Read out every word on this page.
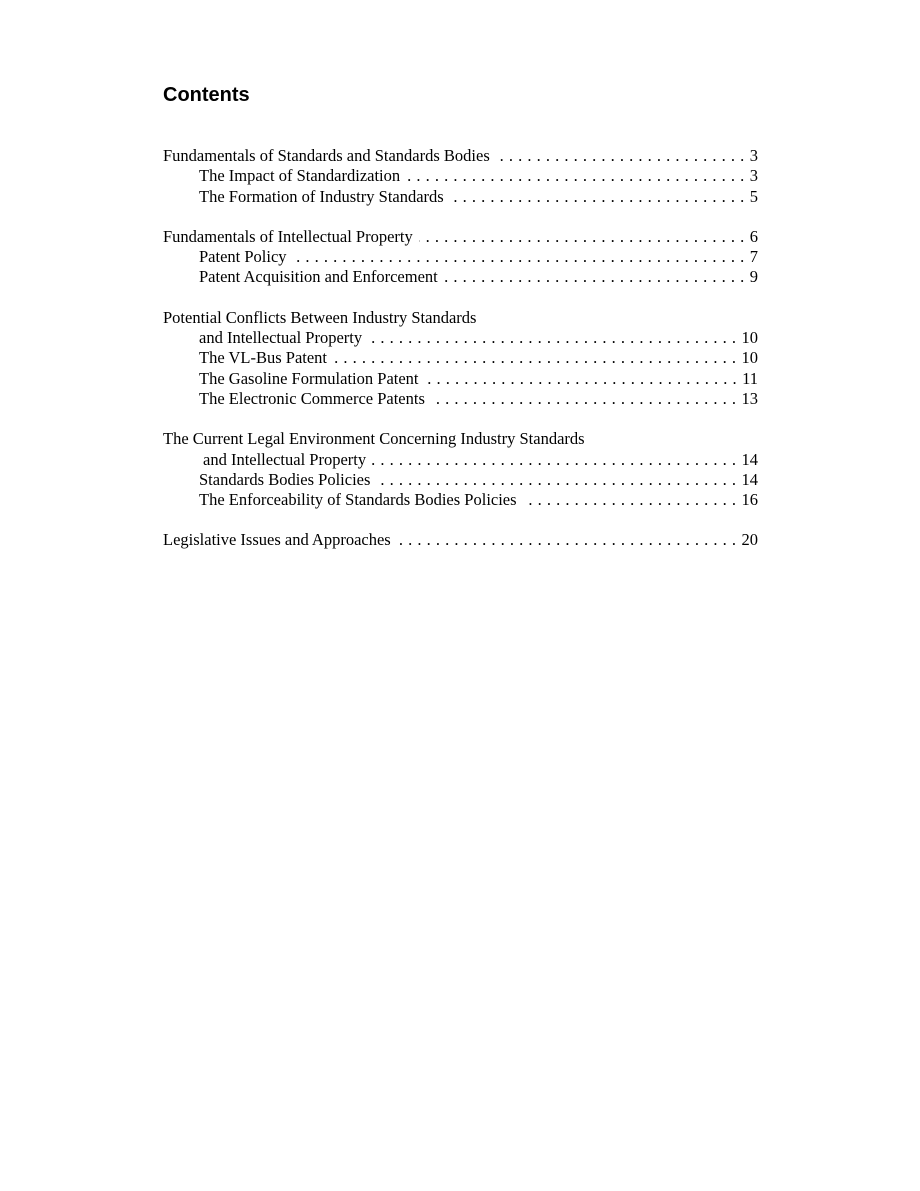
Contents
Fundamentals of Standards and Standards Bodies . . .	3
The Impact of Standardization . . .	3
The Formation of Industry Standards . . .	5
Fundamentals of Intellectual Property . . .	6
Patent Policy . . .	7
Patent Acquisition and Enforcement . . .	9
Potential Conflicts Between Industry Standards
and Intellectual Property . . .	10
The VL-Bus Patent . . .	10
The Gasoline Formulation Patent . . .	11
The Electronic Commerce Patents . . .	13
The Current Legal Environment Concerning Industry Standards
and Intellectual Property . . .	14
Standards Bodies Policies . . .	14
The Enforceability of Standards Bodies Policies . . .	16
Legislative Issues and Approaches . . .	20
